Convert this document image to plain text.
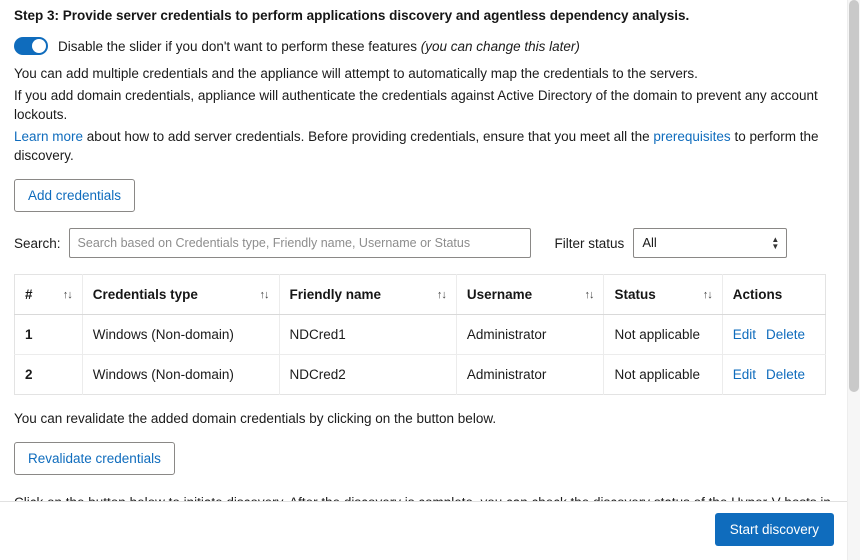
Step 3: Provide server credentials to perform applications discovery and agentless dependency analysis.
Disable the slider if you don't want to perform these features (you can change this later)
You can add multiple credentials and the appliance will attempt to automatically map the credentials to the servers.
If you add domain credentials, appliance will authenticate the credentials against Active Directory of the domain to prevent any account lockouts.
Learn more about how to add server credentials. Before providing credentials, ensure that you meet all the prerequisites to perform the discovery.
Add credentials
Search:
Search based on Credentials type, Friendly name, Username or Status	Filter status	All	▲
▼
# ↑↓	Credentials type ↑↓	Friendly name ↑↓	Username ↑↓	Status ↑↓	Actions

1	Windows (Non-domain)	NDCred1	Administrator	Not applicable	Edit Delete
2	Windows (Non-domain)	NDCred2	Administrator	Not applicable	Edit Delete
You can revalidate the added domain credentials by clicking on the button below.
Revalidate credentials
Start discovery
